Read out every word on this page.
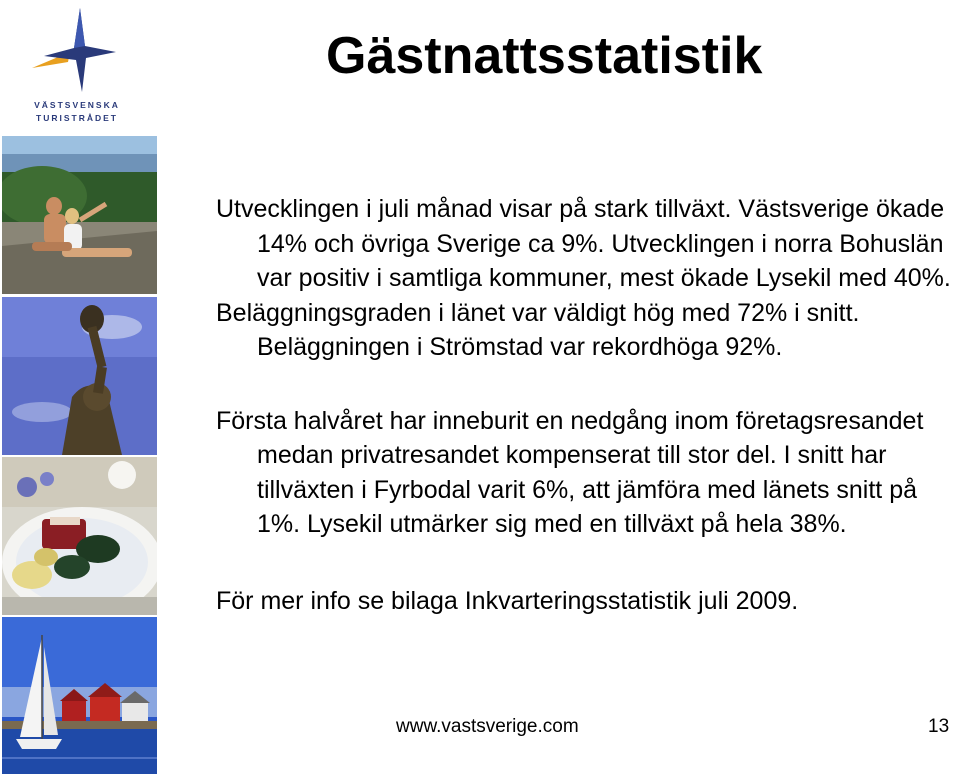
VÄSTSVENSKA
TURISTRÅDET
Gästnattsstatistik

Utvecklingen i juli månad visar på stark tillväxt. Västsverige ökade 14% och övriga Sverige ca 9%. Utvecklingen i norra Bohuslän var positiv i samtliga kommuner, mest ökade Lysekil med 40%.

Beläggningsgraden i länet var väldigt hög med 72% i snitt. Beläggningen i Strömstad var rekordhöga 92%.

Första halvåret har inneburit en nedgång inom företagsresandet medan privatresandet kompenserat till stor del. I snitt har tillväxten i Fyrbodal varit 6%, att jämföra med länets snitt på 1%. Lysekil utmärker sig med en tillväxt på hela 38%.

För mer info se bilaga Inkvarteringsstatistik juli 2009.

www.vastsverige.com	13
